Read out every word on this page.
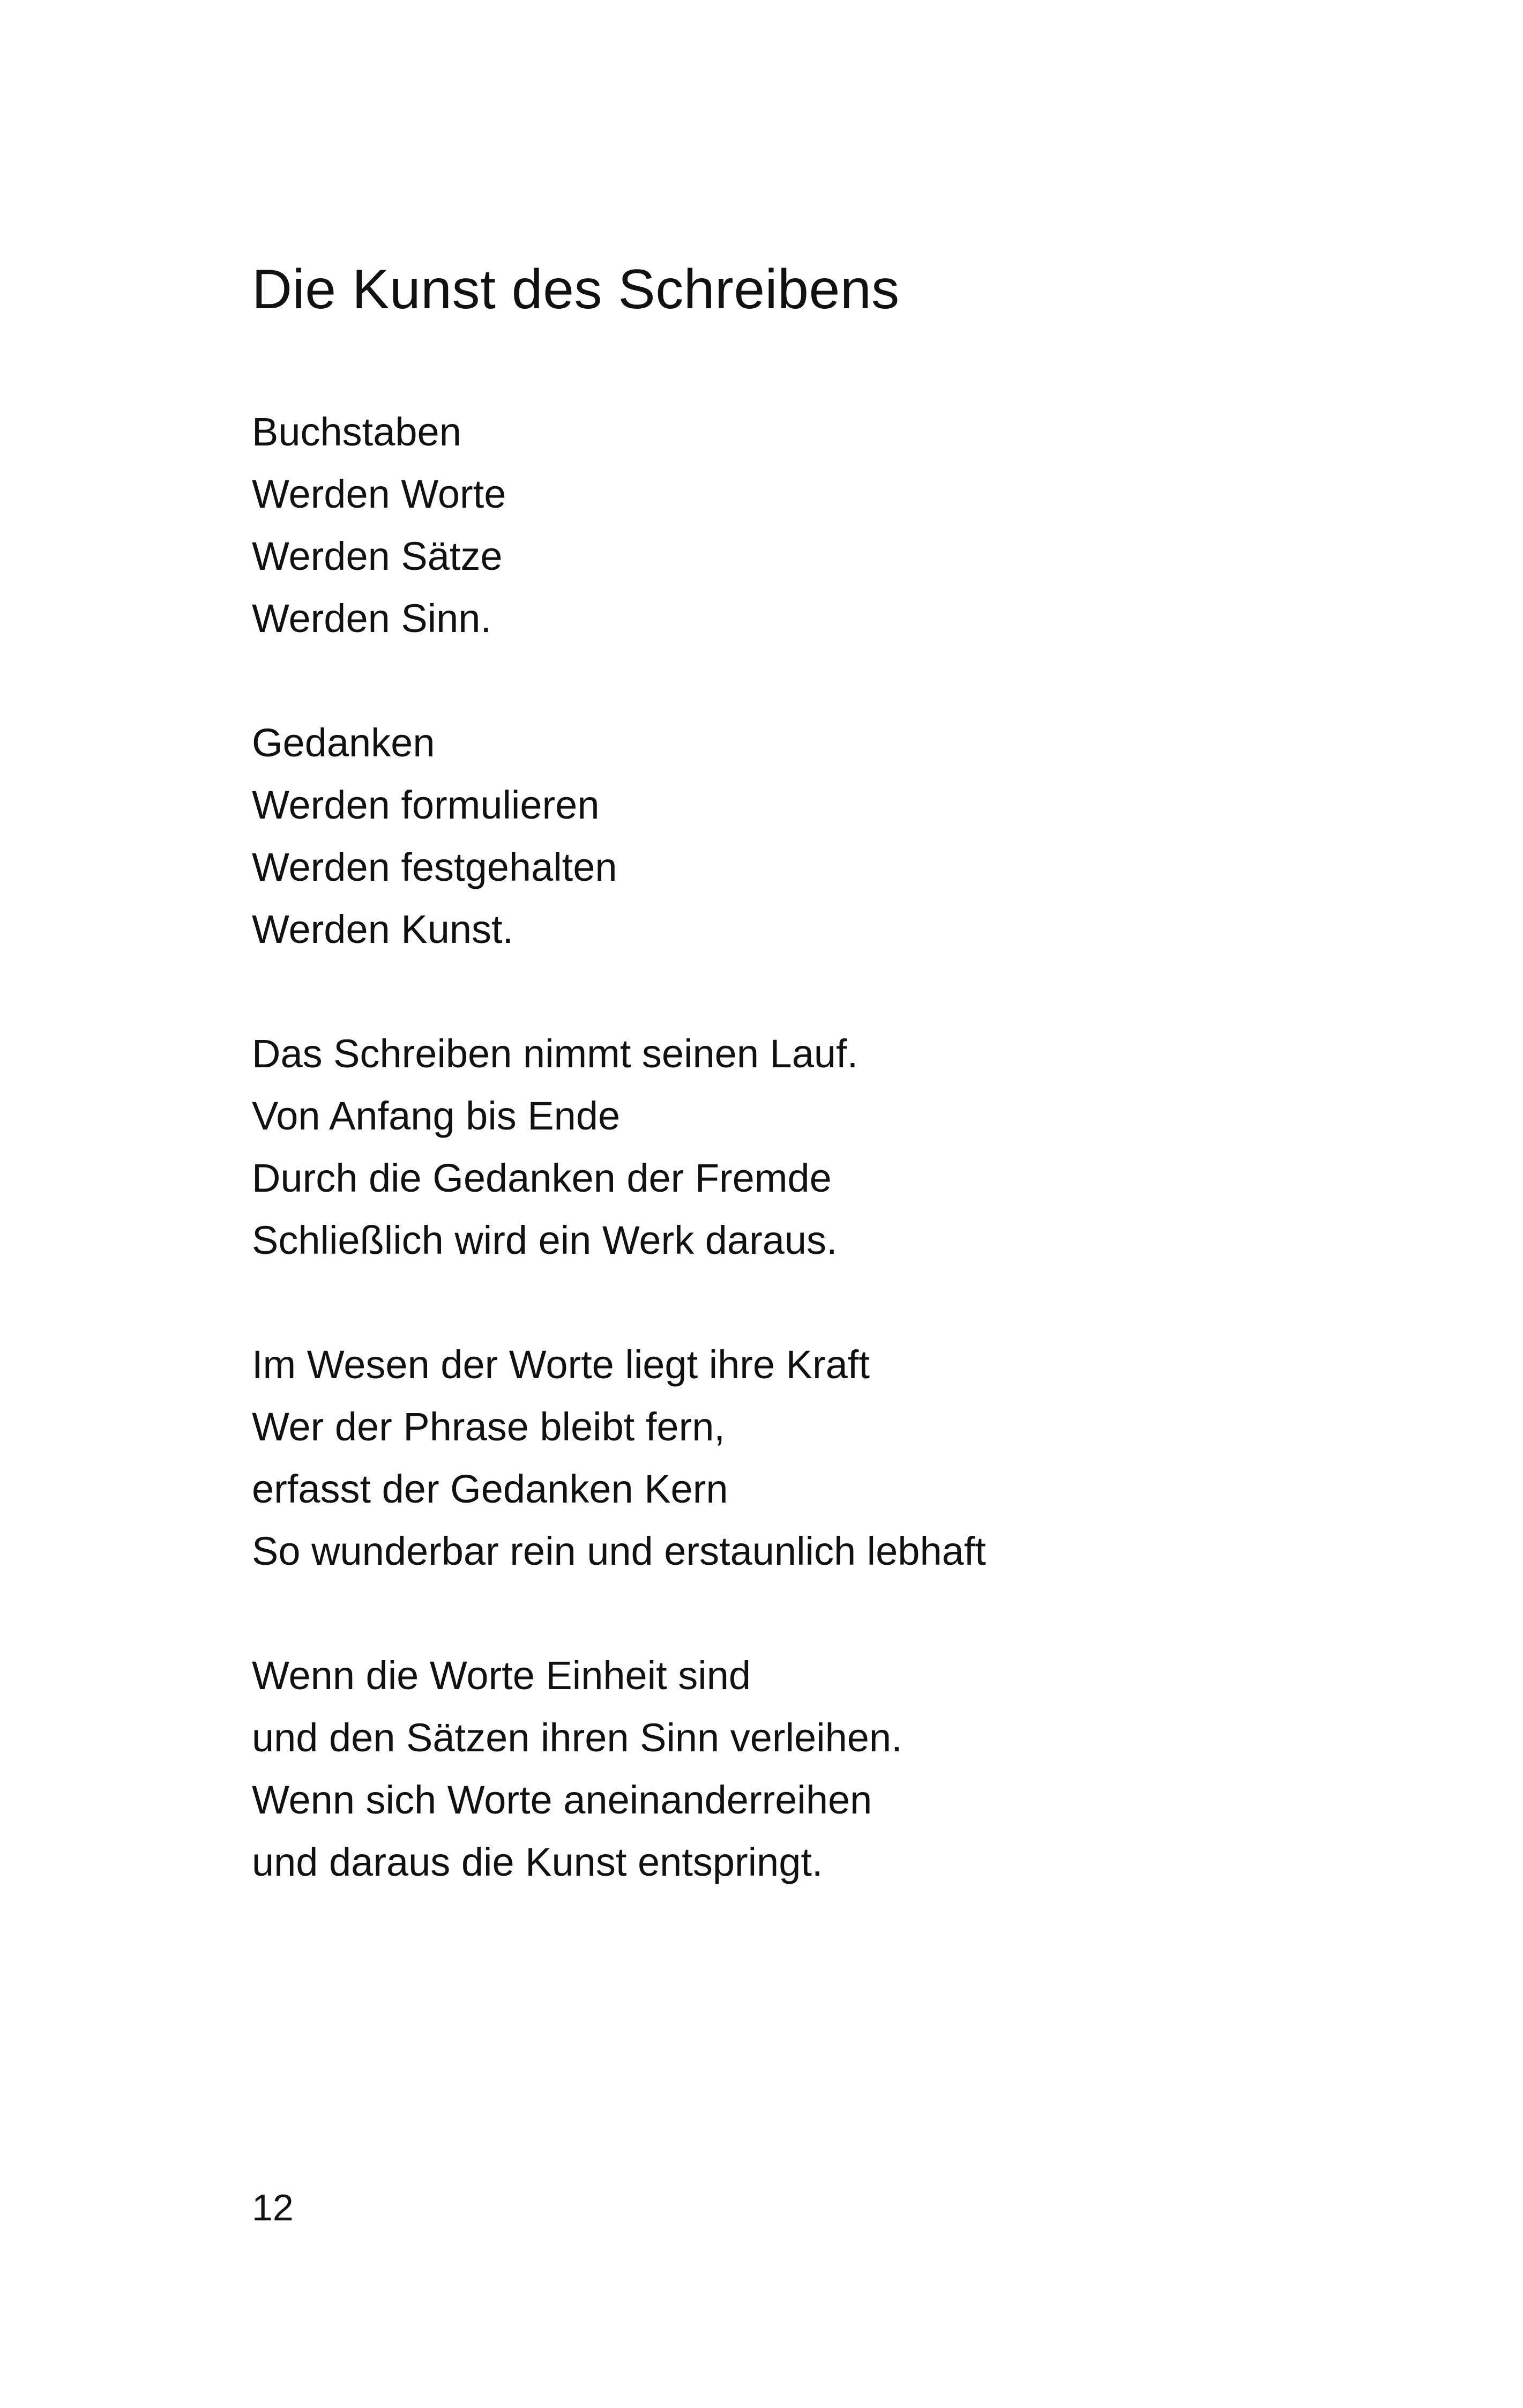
Die Kunst des Schreibens
Buchstaben
Werden Worte
Werden Sätze
Werden Sinn.
Gedanken
Werden formulieren
Werden festgehalten
Werden Kunst.
Das Schreiben nimmt seinen Lauf.
Von Anfang bis Ende
Durch die Gedanken der Fremde
Schließlich wird ein Werk daraus.
Im Wesen der Worte liegt ihre Kraft
Wer der Phrase bleibt fern,
erfasst der Gedanken Kern
So wunderbar rein und erstaunlich lebhaft
Wenn die Worte Einheit sind
und den Sätzen ihren Sinn verleihen.
Wenn sich Worte aneinanderreihen
und daraus die Kunst entspringt.
12
